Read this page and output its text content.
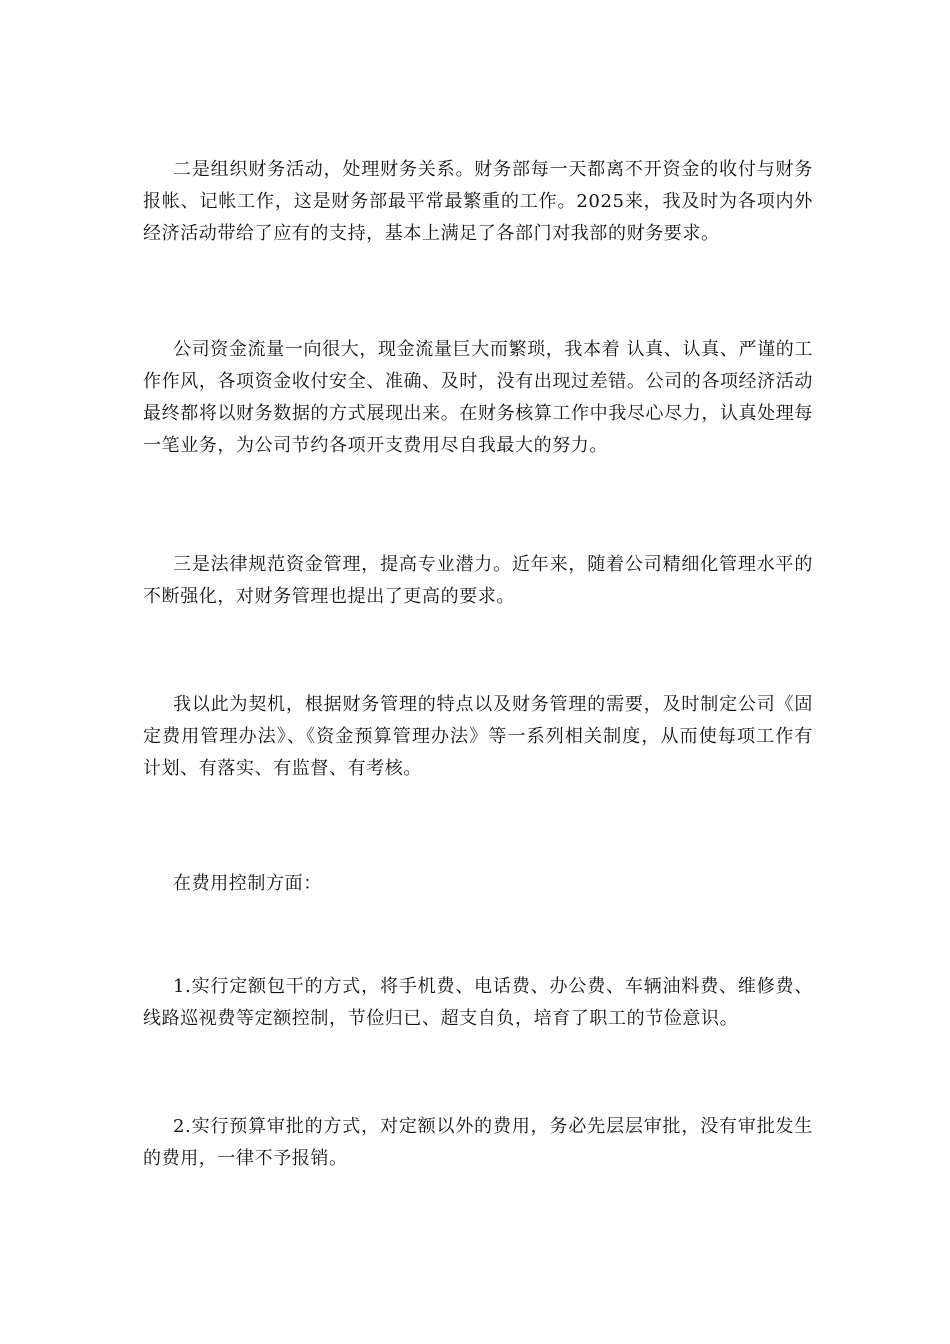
二是组织财务活动，处理财务关系。财务部每一天都离不开资金的收付与财务报帐、记帐工作，这是财务部最平常最繁重的工作。2025来，我及时为各项内外经济活动带给了应有的支持，基本上满足了各部门对我部的财务要求。

公司资金流量一向很大，现金流量巨大而繁琐，我本着 认真、认真、严谨的工作作风，各项资金收付安全、准确、及时，没有出现过差错。公司的各项经济活动最终都将以财务数据的方式展现出来。在财务核算工作中我尽心尽力，认真处理每一笔业务，为公司节约各项开支费用尽自我最大的努力。

三是法律规范资金管理，提高专业潜力。近年来，随着公司精细化管理水平的不断强化，对财务管理也提出了更高的要求。

我以此为契机，根据财务管理的特点以及财务管理的需要，及时制定公司《固定费用管理办法》、《资金预算管理办法》等一系列相关制度，从而使每项工作有计划、有落实、有监督、有考核。

在费用控制方面：

1.实行定额包干的方式，将手机费、电话费、办公费、车辆油料费、维修费、线路巡视费等定额控制，节俭归已、超支自负，培育了职工的节俭意识。

2.实行预算审批的方式，对定额以外的费用，务必先层层审批，没有审批发生的费用，一律不予报销。
